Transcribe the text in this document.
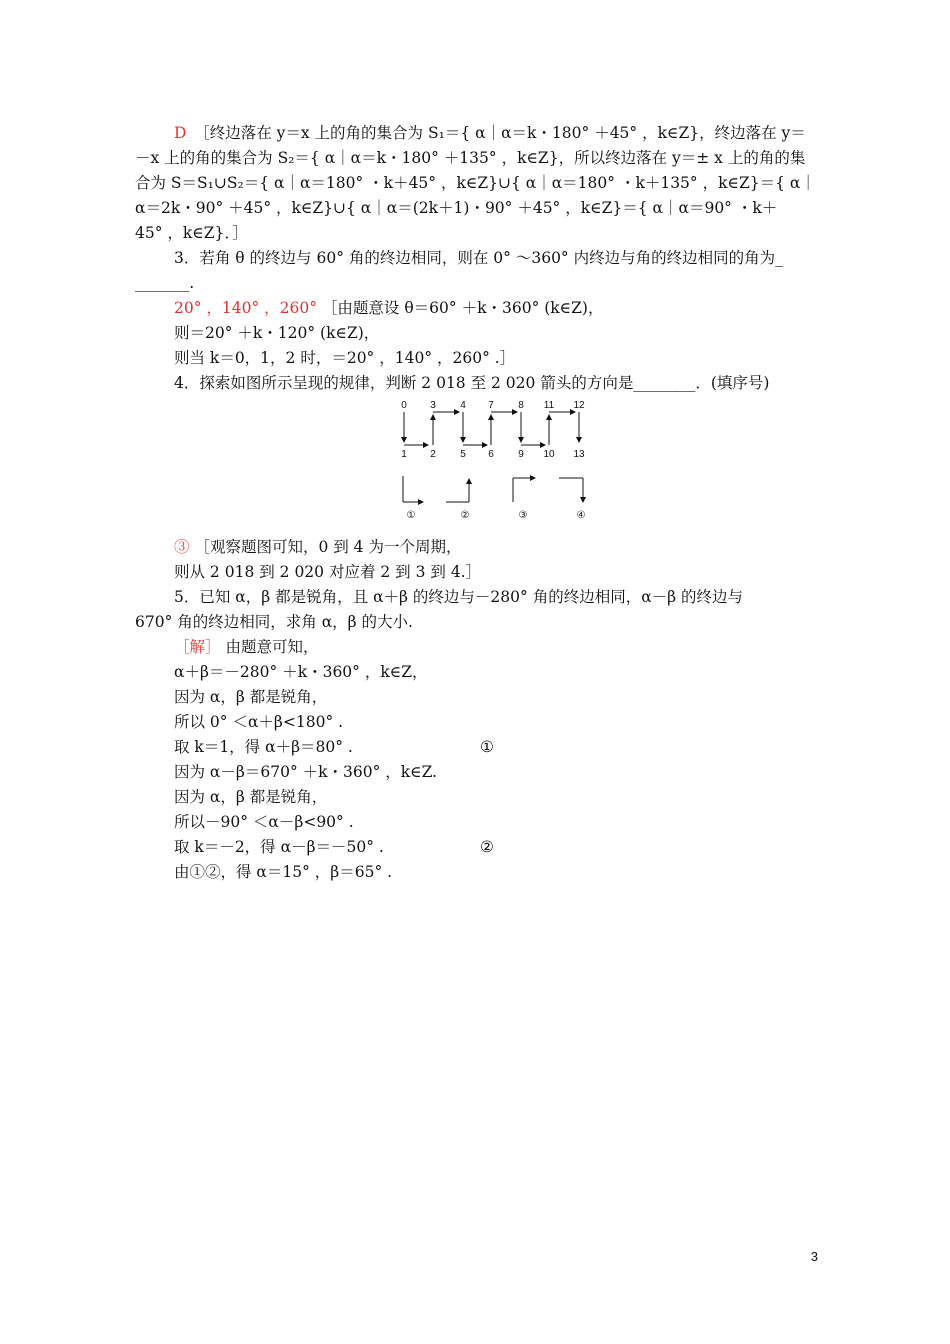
D　 ［终边落在 y＝x 上的角的集合为 S₁＝{ α｜α＝k・180° ＋45° ，k∈Z}，终边落在 y＝
－x 上的角的集合为 S₂＝{ α｜α＝k・180° ＋135° ，k∈Z}，所以终边落在 y＝± x 上的角的集
合为 S＝S₁∪S₂＝{ α｜α＝180° ・k＋45° ，k∈Z}∪{ α｜α＝180° ・k＋135° ，k∈Z}＝{ α｜
α＝2k・90° ＋45° ，k∈Z}∪{ α｜α＝(2k＋1)・90° ＋45° ，k∈Z}＝{ α｜α＝90° ・k＋
45° ，k∈Z}．］
3．若角 θ 的终边与 60° 角的终边相同，则在 0° ～360° 内终边与角的终边相同的角为_
_______.
20° ，140° ，260° ［由题意设 θ＝60° ＋k・360° (k∈Z)，
则＝20° ＋k・120° (k∈Z)，
则当 k＝0，1，2 时，＝20° ，140° ，260° .］
4．探索如图所示呈现的规律，判断 2 018 至 2 020 箭头的方向是________．(填序号)
0 3 4 7 8 11 12
1 2 5 6 9 10 13
①	②	③	④
③ ［观察题图可知，0 到 4 为一个周期，
则从 2 018 到 2 020 对应着 2 到 3 到 4.］
5．已知 α，β 都是锐角，且 α＋β 的终边与－280° 角的终边相同，α－β 的终边与
670° 角的终边相同，求角 α，β 的大小.
［解］ 由题意可知，
α＋β＝－280° ＋k・360° ，k∈Z，
因为 α，β 都是锐角，
所以 0° ＜α＋β<180° .
取 k＝1，得 α＋β＝80° .	①
因为 α－β＝670° ＋k・360° ，k∈Z.
因为 α，β 都是锐角，
所以－90° ＜α－β<90° .
取 k＝－2，得 α－β＝－50° .	②
由①②，得 α＝15° ，β＝65° .
3
